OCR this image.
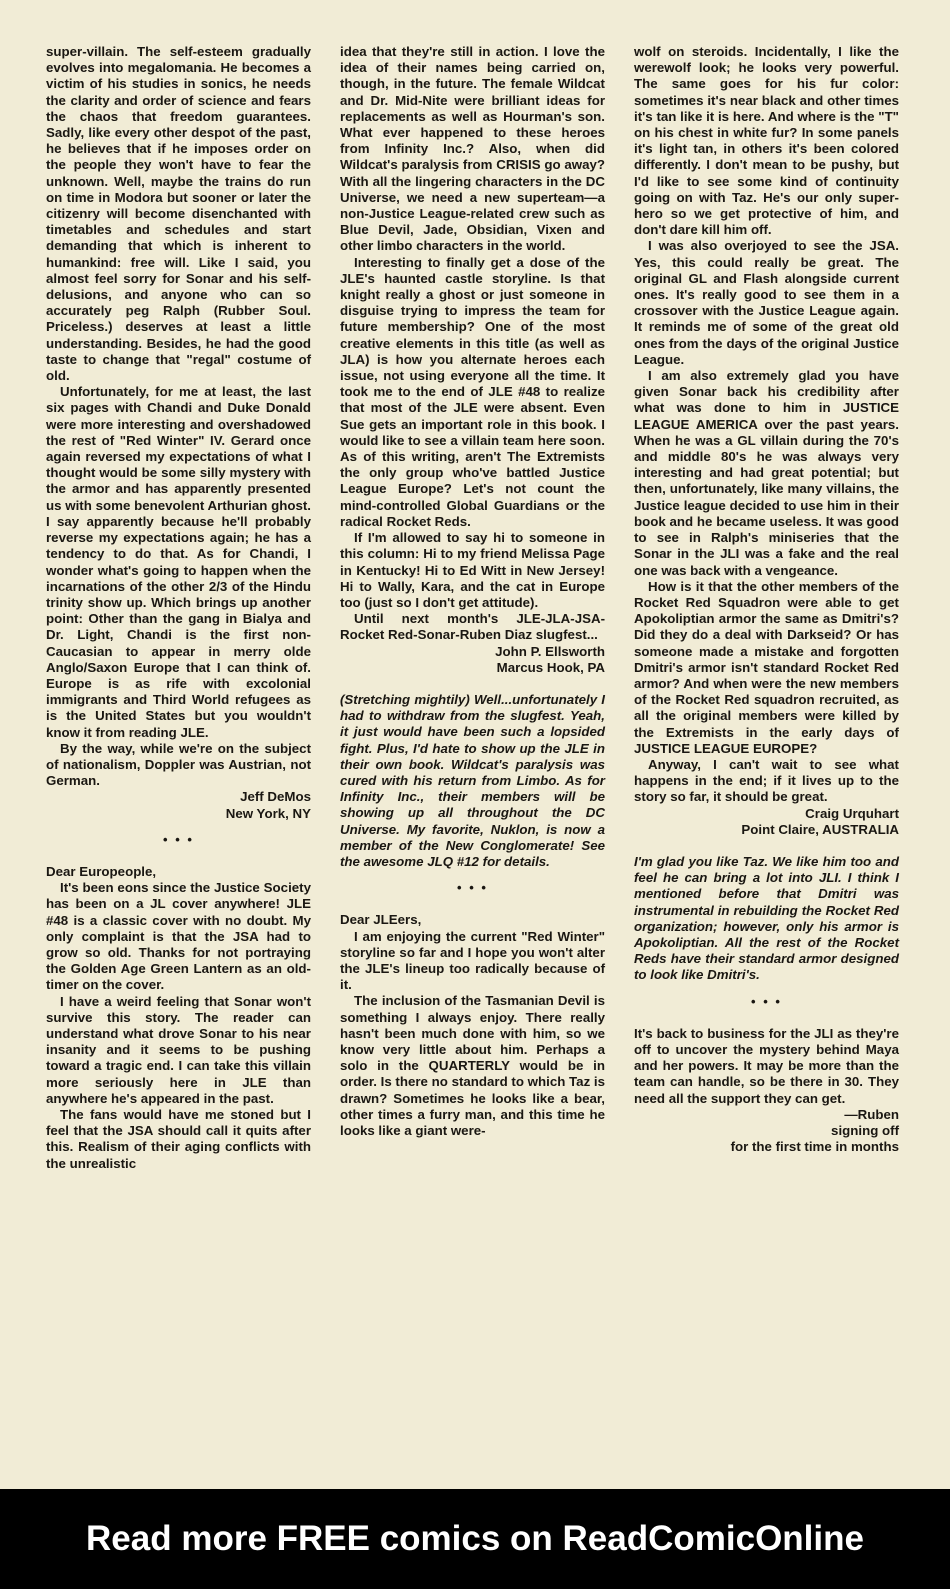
super-villain. The self-esteem gradually evolves into megalomania. He becomes a victim of his studies in sonics, he needs the clarity and order of science and fears the chaos that freedom guarantees. Sadly, like every other despot of the past, he believes that if he imposes order on the people they won't have to fear the unknown. Well, maybe the trains do run on time in Modora but sooner or later the citizenry will become disenchanted with timetables and schedules and start demanding that which is inherent to humankind: free will. Like I said, you almost feel sorry for Sonar and his self-delusions, and anyone who can so accurately peg Ralph (Rubber Soul. Priceless.) deserves at least a little understanding. Besides, he had the good taste to change that "regal" costume of old.

Unfortunately, for me at least, the last six pages with Chandi and Duke Donald were more interesting and overshadowed the rest of "Red Winter" IV. Gerard once again reversed my expectations of what I thought would be some silly mystery with the armor and has apparently presented us with some benevolent Arthurian ghost. I say apparently because he'll probably reverse my expectations again; he has a tendency to do that. As for Chandi, I wonder what's going to happen when the incarnations of the other 2/3 of the Hindu trinity show up. Which brings up another point: Other than the gang in Bialya and Dr. Light, Chandi is the first non-Caucasian to appear in merry olde Anglo/Saxon Europe that I can think of. Europe is as rife with excolonial immigrants and Third World refugees as is the United States but you wouldn't know it from reading JLE.

By the way, while we're on the subject of nationalism, Doppler was Austrian, not German.

Jeff DeMos

New York, NY

• • •

Dear Europeople,

It's been eons since the Justice Society has been on a JL cover anywhere! JLE #48 is a classic cover with no doubt. My only complaint is that the JSA had to grow so old. Thanks for not portraying the Golden Age Green Lantern as an old-timer on the cover.

I have a weird feeling that Sonar won't survive this story. The reader can understand what drove Sonar to his near insanity and it seems to be pushing toward a tragic end. I can take this villain more seriously here in JLE than anywhere he's appeared in the past.

The fans would have me stoned but I feel that the JSA should call it quits after this. Realism of their aging conflicts with the unrealistic

idea that they're still in action. I love the idea of their names being carried on, though, in the future. The female Wildcat and Dr. Mid-Nite were brilliant ideas for replacements as well as Hourman's son. What ever happened to these heroes from Infinity Inc.? Also, when did Wildcat's paralysis from CRISIS go away? With all the lingering characters in the DC Universe, we need a new superteam—a non-Justice League-related crew such as Blue Devil, Jade, Obsidian, Vixen and other limbo characters in the world.

Interesting to finally get a dose of the JLE's haunted castle storyline. Is that knight really a ghost or just someone in disguise trying to impress the team for future membership? One of the most creative elements in this title (as well as JLA) is how you alternate heroes each issue, not using everyone all the time. It took me to the end of JLE #48 to realize that most of the JLE were absent. Even Sue gets an important role in this book. I would like to see a villain team here soon. As of this writing, aren't The Extremists the only group who've battled Justice League Europe? Let's not count the mind-controlled Global Guardians or the radical Rocket Reds.

If I'm allowed to say hi to someone in this column: Hi to my friend Melissa Page in Kentucky! Hi to Ed Witt in New Jersey! Hi to Wally, Kara, and the cat in Europe too (just so I don't get attitude).

Until next month's JLE-JLA-JSA-Rocket Red-Sonar-Ruben Diaz slugfest...

John P. Ellsworth

Marcus Hook, PA

(Stretching mightily) Well...unfortunately I had to withdraw from the slugfest. Yeah, it just would have been such a lopsided fight. Plus, I'd hate to show up the JLE in their own book. Wildcat's paralysis was cured with his return from Limbo. As for Infinity Inc., their members will be showing up all throughout the DC Universe. My favorite, Nuklon, is now a member of the New Conglomerate! See the awesome JLQ #12 for details.

• • •

Dear JLEers,

I am enjoying the current "Red Winter" storyline so far and I hope you won't alter the JLE's lineup too radically because of it.

The inclusion of the Tasmanian Devil is something I always enjoy. There really hasn't been much done with him, so we know very little about him. Perhaps a solo in the QUARTERLY would be in order. Is there no standard to which Taz is drawn? Sometimes he looks like a bear, other times a furry man, and this time he looks like a giant were-

wolf on steroids. Incidentally, I like the werewolf look; he looks very powerful. The same goes for his fur color: sometimes it's near black and other times it's tan like it is here. And where is the "T" on his chest in white fur? In some panels it's light tan, in others it's been colored differently. I don't mean to be pushy, but I'd like to see some kind of continuity going on with Taz. He's our only super-hero so we get protective of him, and don't dare kill him off.

I was also overjoyed to see the JSA. Yes, this could really be great. The original GL and Flash alongside current ones. It's really good to see them in a crossover with the Justice League again. It reminds me of some of the great old ones from the days of the original Justice League.

I am also extremely glad you have given Sonar back his credibility after what was done to him in JUSTICE LEAGUE AMERICA over the past years. When he was a GL villain during the 70's and middle 80's he was always very interesting and had great potential; but then, unfortunately, like many villains, the Justice league decided to use him in their book and he became useless. It was good to see in Ralph's miniseries that the Sonar in the JLI was a fake and the real one was back with a vengeance.

How is it that the other members of the Rocket Red Squadron were able to get Apokoliptian armor the same as Dmitri's? Did they do a deal with Darkseid? Or has someone made a mistake and forgotten Dmitri's armor isn't standard Rocket Red armor? And when were the new members of the Rocket Red squadron recruited, as all the original members were killed by the Extremists in the early days of JUSTICE LEAGUE EUROPE?

Anyway, I can't wait to see what happens in the end; if it lives up to the story so far, it should be great.

Craig Urquhart

Point Claire, AUSTRALIA

I'm glad you like Taz. We like him too and feel he can bring a lot into JLI. I think I mentioned before that Dmitri was instrumental in rebuilding the Rocket Red organization; however, only his armor is Apokoliptian. All the rest of the Rocket Reds have their standard armor designed to look like Dmitri's.

• • •

It's back to business for the JLI as they're off to uncover the mystery behind Maya and her powers. It may be more than the team can handle, so be there in 30. They need all the support they can get.

—Ruben

signing off

for the first time in months

Read more FREE comics on ReadComicOnline
